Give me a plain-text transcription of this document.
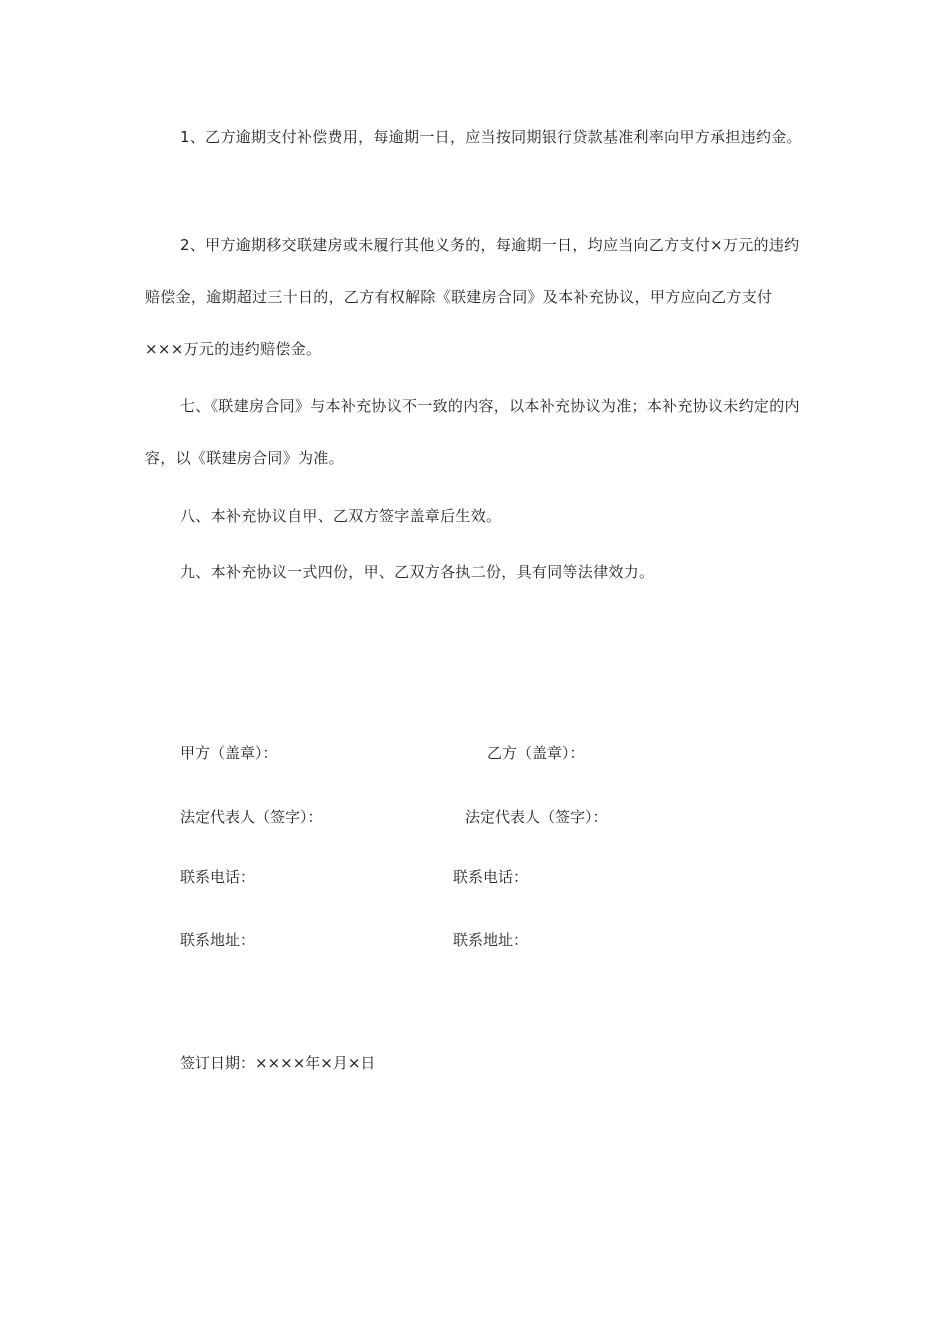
1、乙方逾期支付补偿费用，每逾期一日，应当按同期银行贷款基准利率向甲方承担违约金。

2、甲方逾期移交联建房或未履行其他义务的，每逾期一日，均应当向乙方支付×万元的违约赔偿金，逾期超过三十日的，乙方有权解除《联建房合同》及本补充协议，甲方应向乙方支付×××万元的违约赔偿金。

七、《联建房合同》与本补充协议不一致的内容，以本补充协议为准；本补充协议未约定的内容，以《联建房合同》为准。

八、本补充协议自甲、乙双方签字盖章后生效。

九、本补充协议一式四份，甲、乙双方各执二份，具有同等法律效力。

甲方（盖章）：	乙方（盖章）：

法定代表人（签字）：	法定代表人（签字）：

联系电话：	联系电话：

联系地址：	联系地址：

签订日期：××××年×月×日
